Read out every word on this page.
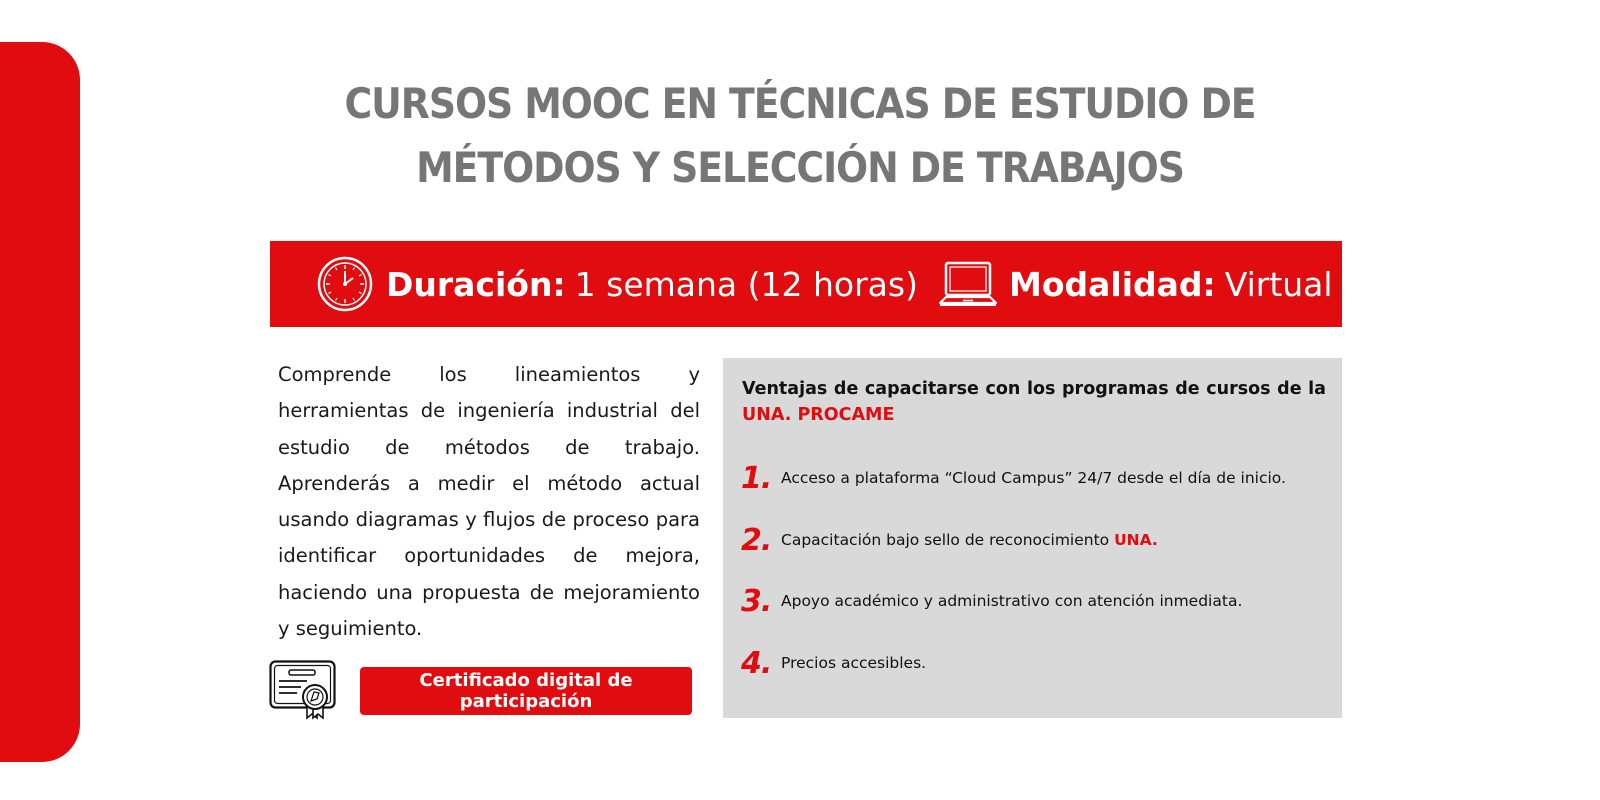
CURSOS MOOC EN TÉCNICAS DE ESTUDIO DE
MÉTODOS Y SELECCIÓN DE TRABAJOS
Duración: 1 semana (12 horas)	Modalidad: Virtual

Comprende los lineamientos y herramientas de ingeniería industrial del estudio de métodos de trabajo. Aprenderás a medir el método actual usando diagramas y flujos de proceso para identificar oportunidades de mejora, haciendo una propuesta de mejoramiento y seguimiento.

Certificado digital de participación

Ventajas de capacitarse con los programas de cursos de la UNA. PROCAME

1. Acceso a plataforma “Cloud Campus” 24/7 desde el día de inicio.
2. Capacitación bajo sello de reconocimiento UNA.
3. Apoyo académico y administrativo con atención inmediata.
4. Precios accesibles.
